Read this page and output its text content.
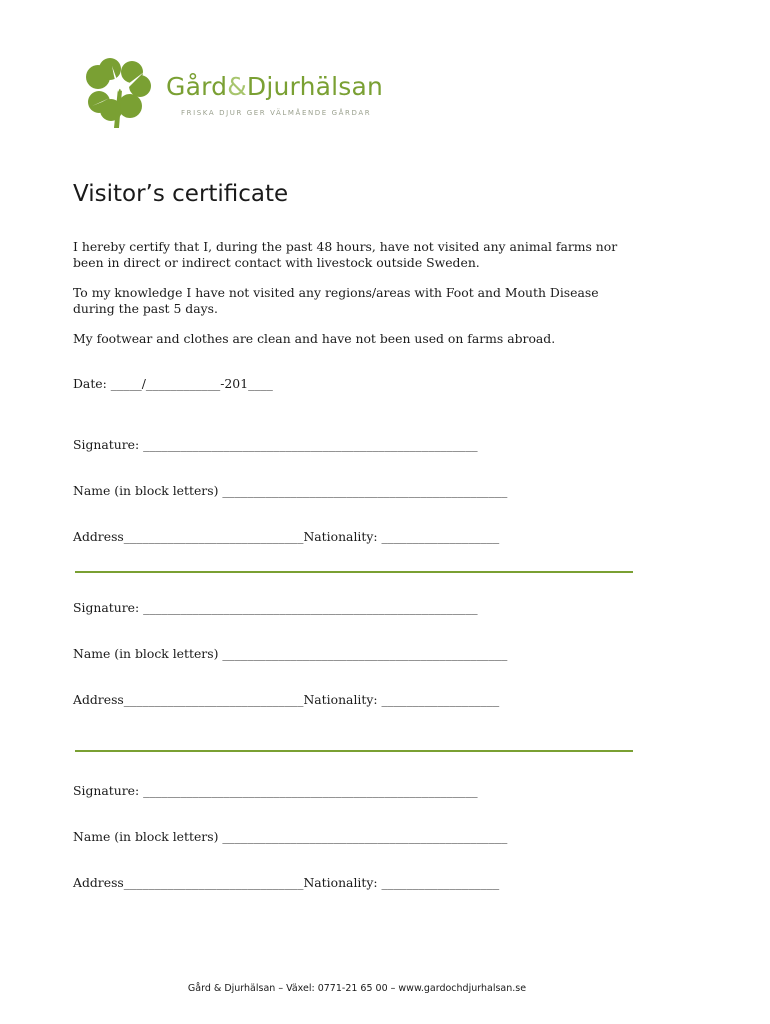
Gård&Djurhälsan
FRISKA DJUR GER VÄLMÅENDE GÅRDAR
Visitor’s certificate

I hereby certify that I, during the past 48 hours, have not visited any animal farms nor been in direct or indirect contact with livestock outside Sweden.

To my knowledge I have not visited any regions/areas with Foot and Mouth Disease during the past 5 days.

My footwear and clothes are clean and have not been used on farms abroad.

Date: _____/____________-201____

Signature: ______________________________________________________

Name (in block letters) ______________________________________________

Address_____________________________Nationality: ___________________

Signature: ______________________________________________________

Name (in block letters) ______________________________________________

Address_____________________________Nationality: ___________________

Signature: ______________________________________________________

Name (in block letters) ______________________________________________

Address_____________________________Nationality: ___________________

Gård & Djurhälsan – Växel: 0771-21 65 00 – www.gardochdjurhalsan.se
